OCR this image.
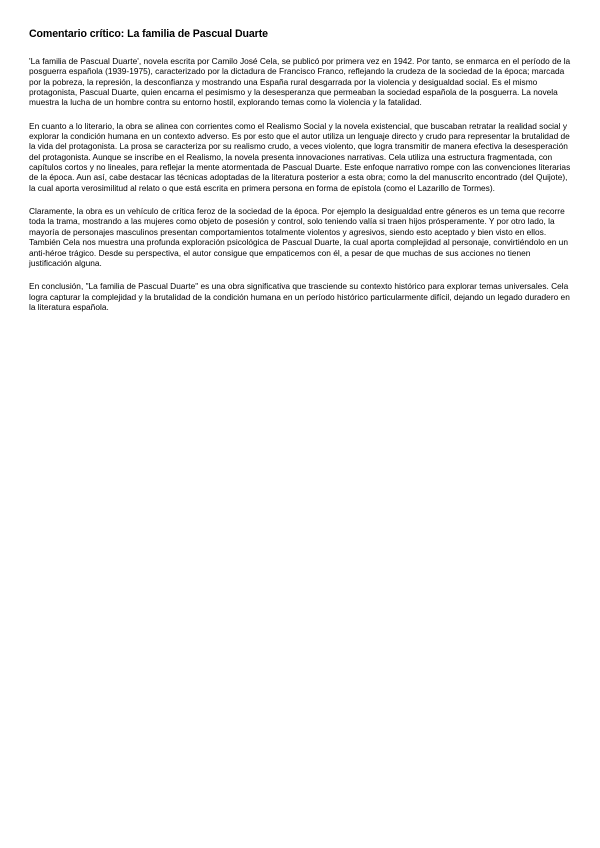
Comentario crítico: La familia de Pascual Duarte

'La familia de Pascual Duarte', novela escrita por Camilo José Cela, se publicó por primera vez en 1942. Por tanto, se enmarca en el período de la posguerra española (1939-1975), caracterizado por la dictadura de Francisco Franco, reflejando la crudeza de la sociedad de la época; marcada por la pobreza, la represión, la desconfianza y mostrando una España rural desgarrada por la violencia y desigualdad social. Es el mismo protagonista, Pascual Duarte, quien encarna el pesimismo y la desesperanza que permeaban la sociedad española de la posguerra. La novela muestra la lucha de un hombre contra su entorno hostil, explorando temas como la violencia y la fatalidad.

En cuanto a lo literario, la obra se alinea con corrientes como el Realismo Social y la novela existencial, que buscaban retratar la realidad social y explorar la condición humana en un contexto adverso. Es por esto que el autor utiliza un lenguaje directo y crudo para representar la brutalidad de la vida del protagonista. La prosa se caracteriza por su realismo crudo, a veces violento, que logra transmitir de manera efectiva la desesperación del protagonista. Aunque se inscribe en el Realismo, la novela presenta innovaciones narrativas. Cela utiliza una estructura fragmentada, con capítulos cortos y no lineales, para reflejar la mente atormentada de Pascual Duarte. Este enfoque narrativo rompe con las convenciones literarias de la época. Aun así, cabe destacar las técnicas adoptadas de la literatura posterior a esta obra; como la del manuscrito encontrado (del Quijote), la cual aporta verosimilitud al relato o que está escrita en primera persona en forma de epístola (como el Lazarillo de Tormes).

Claramente, la obra es un vehículo de crítica feroz de la sociedad de la época. Por ejemplo la desigualdad entre géneros es un tema que recorre toda la trama, mostrando a las mujeres como objeto de posesión y control, solo teniendo valía si traen hijos prósperamente. Y por otro lado, la mayoría de personajes masculinos presentan comportamientos totalmente violentos y agresivos, siendo esto aceptado y bien visto en ellos. También Cela nos muestra una profunda exploración psicológica de Pascual Duarte, la cual aporta complejidad al personaje, convirtiéndolo en un anti-héroe trágico. Desde su perspectiva, el autor consigue que empaticemos con él, a pesar de que muchas de sus acciones no tienen justificación alguna.

En conclusión, "La familia de Pascual Duarte" es una obra significativa que trasciende su contexto histórico para explorar temas universales. Cela logra capturar la complejidad y la brutalidad de la condición humana en un período histórico particularmente difícil, dejando un legado duradero en la literatura española.
